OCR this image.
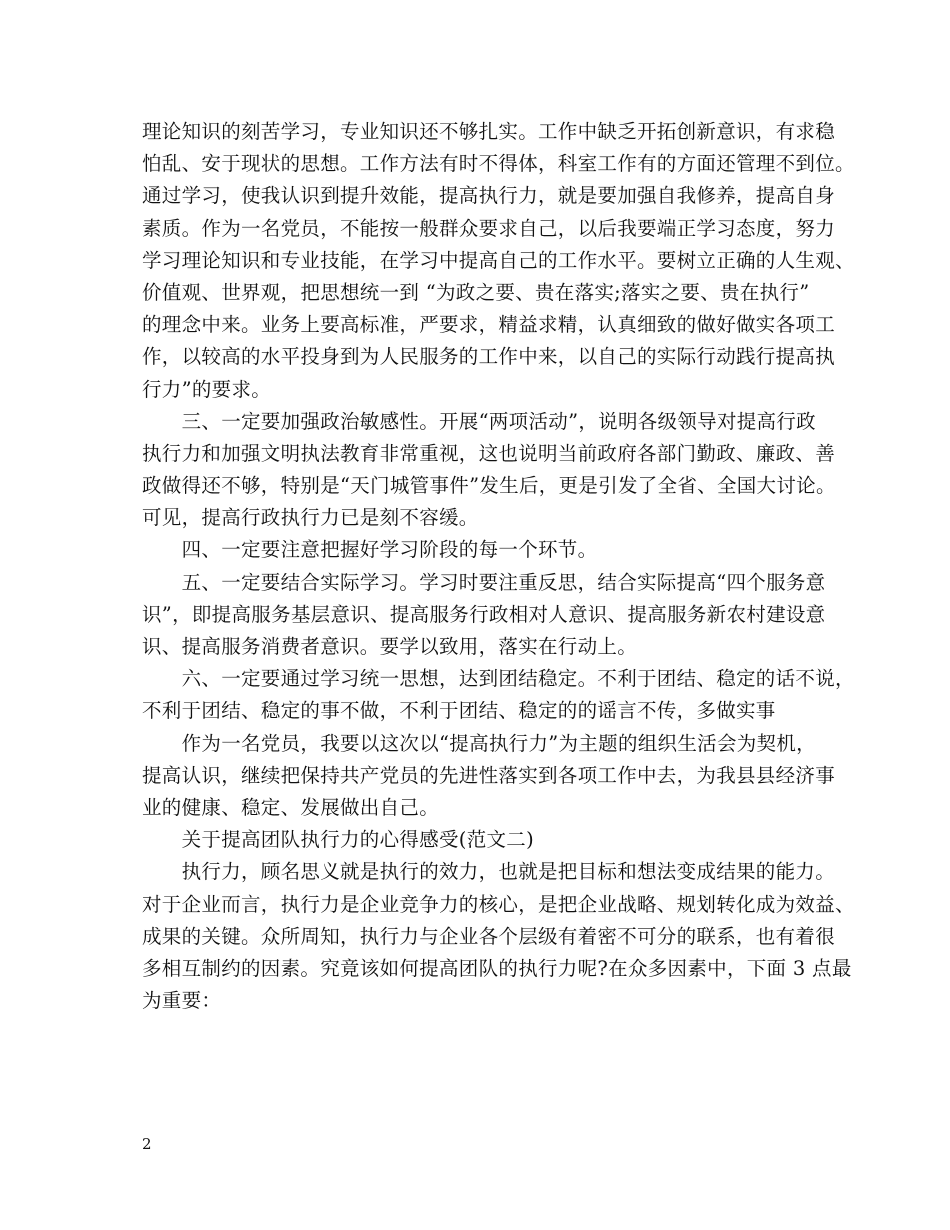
理论知识的刻苦学习，专业知识还不够扎实。工作中缺乏开拓创新意识，有求稳
怕乱、安于现状的思想。工作方法有时不得体，科室工作有的方面还管理不到位。
通过学习，使我认识到提升效能，提高执行力，就是要加强自我修养，提高自身
素质。作为一名党员，不能按一般群众要求自己，以后我要端正学习态度，努力
学习理论知识和专业技能，在学习中提高自己的工作水平。要树立正确的人生观、
价值观、世界观，把思想统一到 “为政之要、贵在落实;落实之要、贵在执行”
的理念中来。业务上要高标准，严要求，精益求精，认真细致的做好做实各项工
作，以较高的水平投身到为人民服务的工作中来，以自己的实际行动践行提高执
行力”的要求。
　　三、一定要加强政治敏感性。开展“两项活动”，说明各级领导对提高行政
执行力和加强文明执法教育非常重视，这也说明当前政府各部门勤政、廉政、善
政做得还不够，特别是“天门城管事件”发生后，更是引发了全省、全国大讨论。
可见，提高行政执行力已是刻不容缓。
　　四、一定要注意把握好学习阶段的每一个环节。
　　五、一定要结合实际学习。学习时要注重反思，结合实际提高“四个服务意
识”，即提高服务基层意识、提高服务行政相对人意识、提高服务新农村建设意
识、提高服务消费者意识。要学以致用，落实在行动上。
　　六、一定要通过学习统一思想，达到团结稳定。不利于团结、稳定的话不说，
不利于团结、稳定的事不做，不利于团结、稳定的的谣言不传，多做实事
　　作为一名党员，我要以这次以“提高执行力”为主题的组织生活会为契机，
提高认识，继续把保持共产党员的先进性落实到各项工作中去，为我县县经济事
业的健康、稳定、发展做出自己。
　　关于提高团队执行力的心得感受(范文二)
　　执行力，顾名思义就是执行的效力，也就是把目标和想法变成结果的能力。
对于企业而言，执行力是企业竞争力的核心，是把企业战略、规划转化成为效益、
成果的关键。众所周知，执行力与企业各个层级有着密不可分的联系，也有着很
多相互制约的因素。究竟该如何提高团队的执行力呢?在众多因素中，下面 3 点最
为重要：
2
